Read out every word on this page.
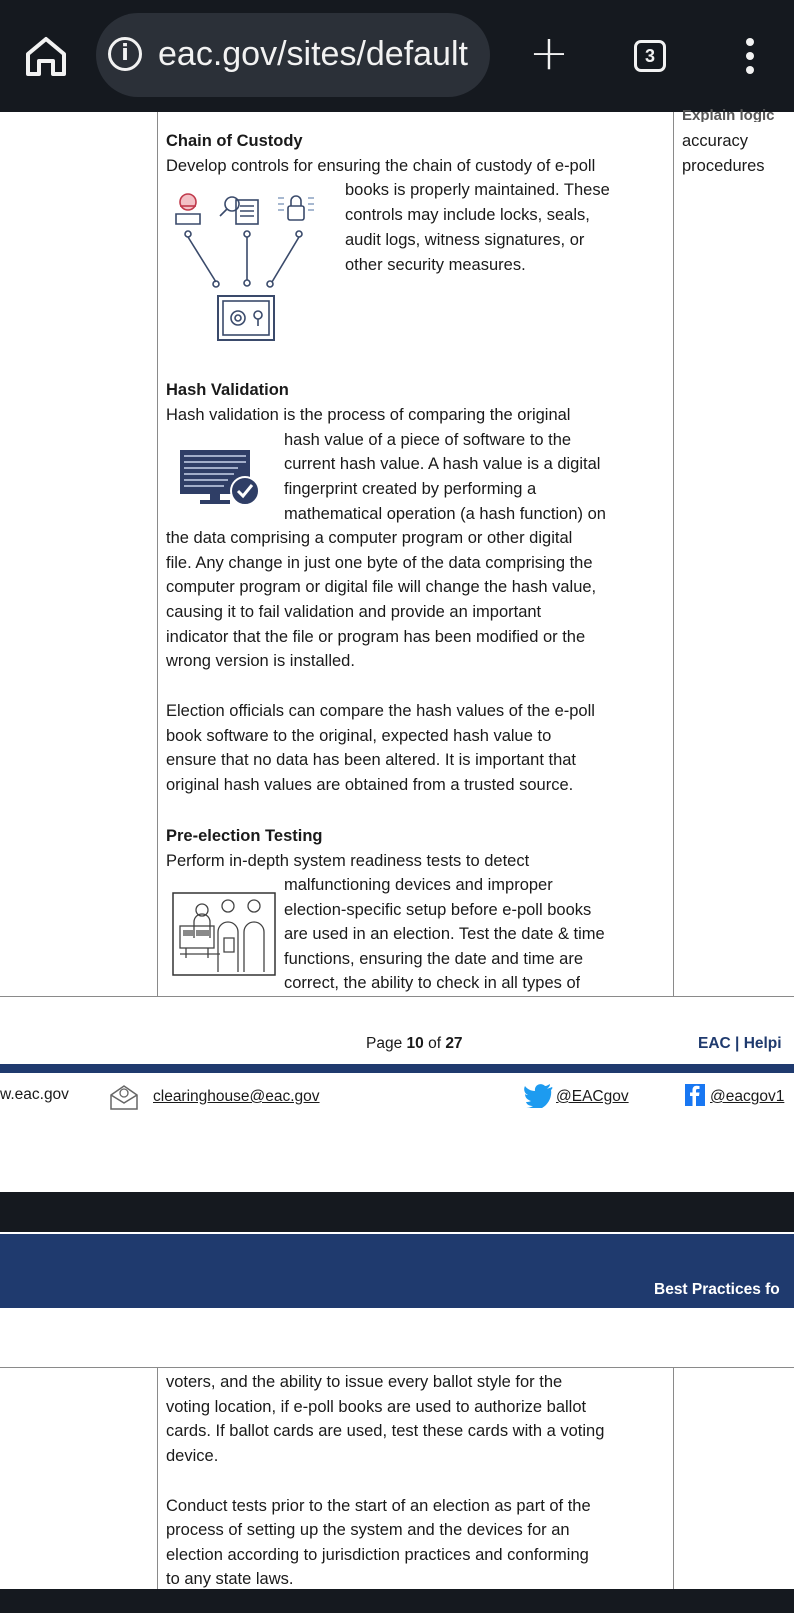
i eac.gov/sites/default +	3
Explain logic
accuracy
procedures
Chain of Custody
Develop controls for ensuring the chain of custody of e-poll
books is properly maintained. These
controls may include locks, seals,
audit logs, witness signatures, or
other security measures.
Hash Validation
Hash validation is the process of comparing the original
hash value of a piece of software to the
current hash value. A hash value is a digital
fingerprint created by performing a
mathematical operation (a hash function) on
the data comprising a computer program or other digital
file. Any change in just one byte of the data comprising the
computer program or digital file will change the hash value,
causing it to fail validation and provide an important
indicator that the file or program has been modified or the
wrong version is installed.
Election officials can compare the hash values of the e-poll
book software to the original, expected hash value to
ensure that no data has been altered. It is important that
original hash values are obtained from a trusted source.
Pre-election Testing
Perform in-depth system readiness tests to detect
malfunctioning devices and improper
election-specific setup before e-poll books
are used in an election. Test the date & time
functions, ensuring the date and time are
correct, the ability to check in all types of
Page 10 of 27	EAC | Helpi
w.eac.gov	clearinghouse@eac.gov	@EACgov	@eacgov1
Best Practices fo
voters, and the ability to issue every ballot style for the
voting location, if e-poll books are used to authorize ballot
cards. If ballot cards are used, test these cards with a voting
device.
Conduct tests prior to the start of an election as part of the
process of setting up the system and the devices for an
election according to jurisdiction practices and conforming
to any state laws.
